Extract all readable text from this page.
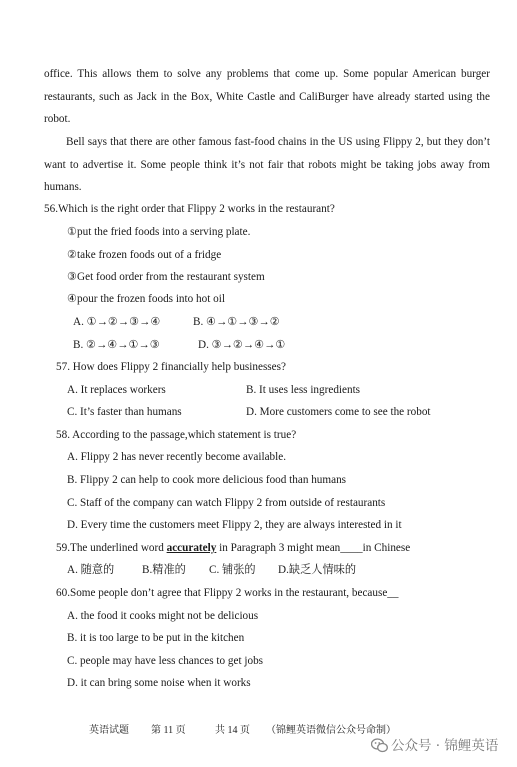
office. This allows them to solve any problems that come up. Some popular American burger restaurants, such as Jack in the Box, White Castle and CaliBurger have already started using the robot.
Bell says that there are other famous fast-food chains in the US using Flippy 2, but they don’t want to advertise it. Some people think it’s not fair that robots might be taking jobs away from humans.
56.Which is the right order that Flippy 2 works in the restaurant?
①put the fried foods into a serving plate.
②take frozen foods out of a fridge
③Get food order from the restaurant system
④pour the frozen foods into hot oil
A. ①→②→③→④	B. ④→①→③→②
B. ②→④→①→③	D. ③→②→④→①
57. How does Flippy 2 financially help businesses?
A. It replaces workers	B. It uses less ingredients
C. It’s faster than humans	D. More customers come to see the robot
58. According to the passage,which statement is true?
A. Flippy 2 has never recently become available.
B. Flippy 2 can help to cook more delicious food than humans
C. Staff of the company can watch Flippy 2 from outside of restaurants
D. Every time the customers meet Flippy 2, they are always interested in it
59.The underlined word accurately in Paragraph 3 might mean____in Chinese
A. 随意的 B.精准的 C. 铺张的 D.缺乏人情味的
60.Some people don’t agree that Flippy 2 works in the restaurant, because__
A. the food it cooks might not be delicious
B. it is too large to be put in the kitchen
C. people may have less chances to get jobs
D. it can bring some noise when it works
英语试题 第 11 页	共 14 页 （锦鲤英语微信公众号命制）
公众号 · 锦鲤英语
